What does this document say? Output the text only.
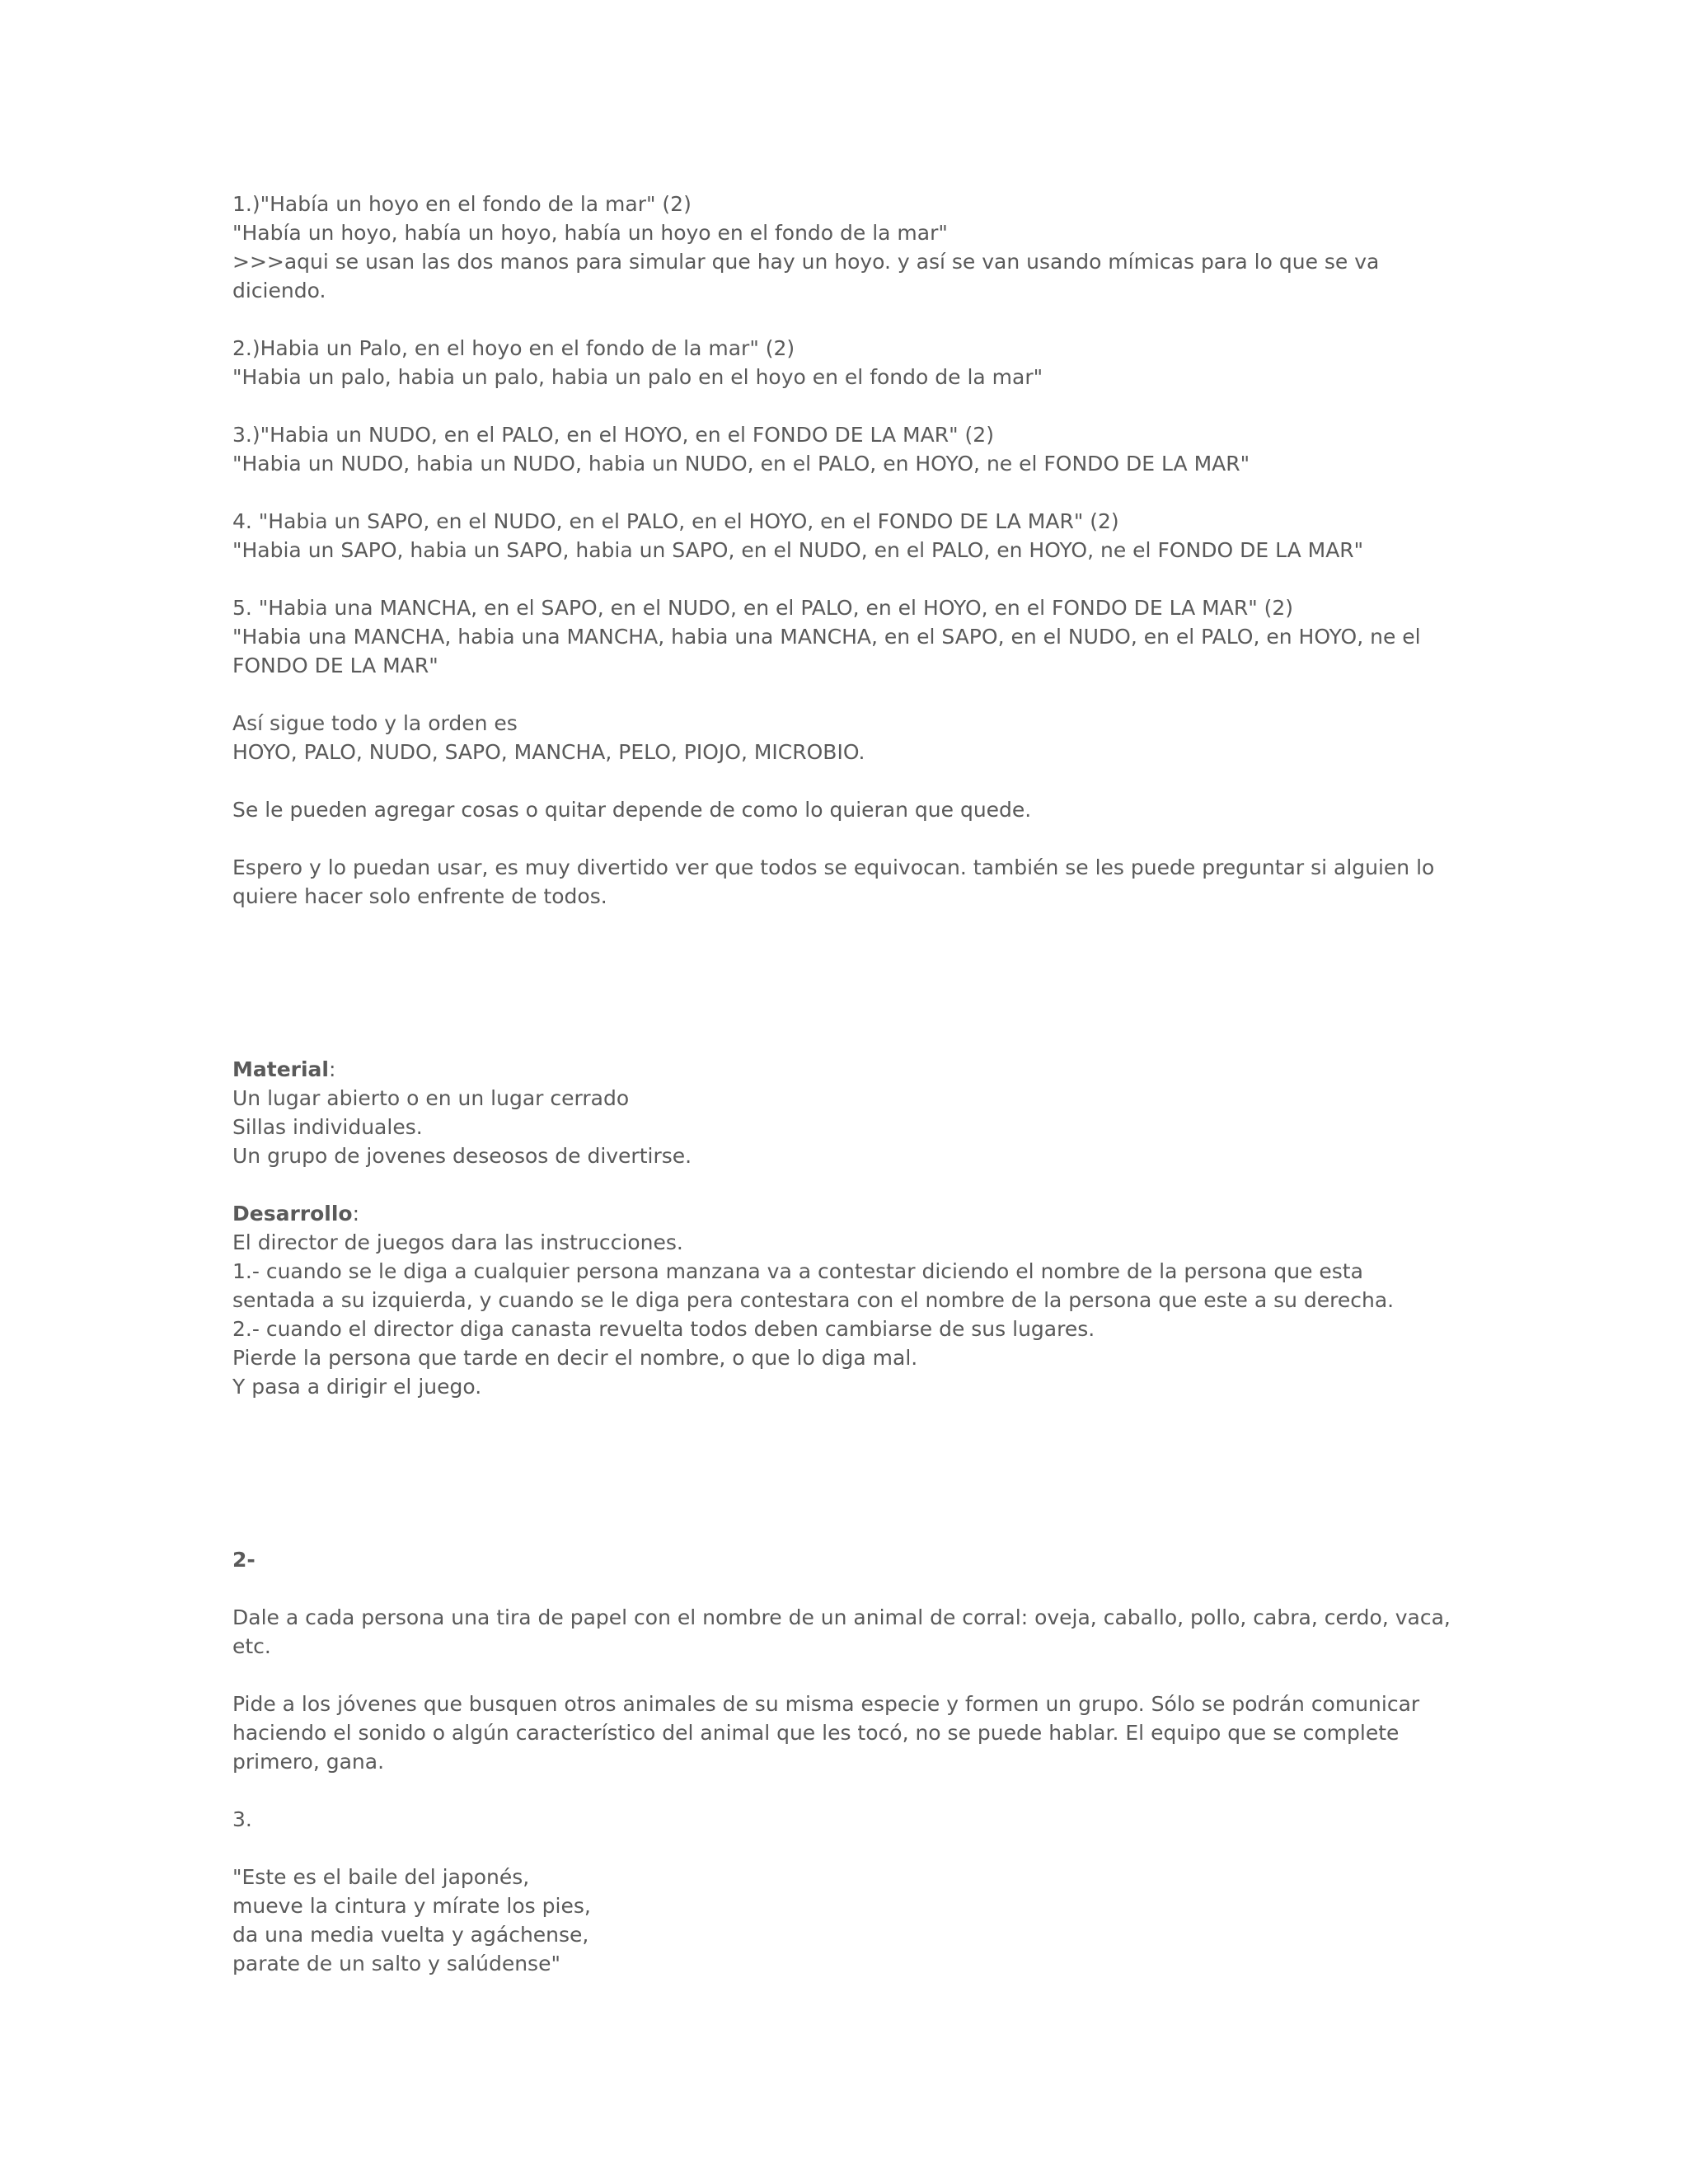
1.)"Había un hoyo en el fondo de la mar" (2)
"Había un hoyo, había un hoyo, había un hoyo en el fondo de la mar"
>>>aqui se usan las dos manos para simular que hay un hoyo. y así se van usando mímicas para lo que se va diciendo.
2.)Habia un Palo, en el hoyo en el fondo de la mar" (2)
"Habia un palo, habia un palo, habia un palo en el hoyo en el fondo de la mar"
3.)"Habia un NUDO, en el PALO, en el HOYO, en el FONDO DE LA MAR" (2)
"Habia un NUDO, habia un NUDO, habia un NUDO, en el PALO, en HOYO, ne el FONDO DE LA MAR"
4. "Habia un SAPO, en el NUDO, en el PALO, en el HOYO, en el FONDO DE LA MAR" (2)
"Habia un SAPO, habia un SAPO, habia un SAPO, en el NUDO, en el PALO, en HOYO, ne el FONDO DE LA MAR"
5. "Habia una MANCHA, en el SAPO, en el NUDO, en el PALO, en el HOYO, en el FONDO DE LA MAR" (2)
"Habia una MANCHA, habia una MANCHA, habia una MANCHA, en el SAPO, en el NUDO, en el PALO, en HOYO, ne el FONDO DE LA MAR"
Así sigue todo y la orden es
HOYO, PALO, NUDO, SAPO, MANCHA, PELO, PIOJO, MICROBIO.
Se le pueden agregar cosas o quitar depende de como lo quieran que quede.
Espero y lo puedan usar, es muy divertido ver que todos se equivocan. también se les puede preguntar si alguien lo quiere hacer solo enfrente de todos.
Material:
Un lugar abierto o en un lugar cerrado
Sillas individuales.
Un grupo de jovenes deseosos de divertirse.
Desarrollo:
El director de juegos dara las instrucciones.
1.- cuando se le diga a cualquier persona manzana va a contestar diciendo el nombre de la persona que esta sentada a su izquierda, y cuando se le diga pera contestara con el nombre de la persona que este a su derecha.
2.- cuando el director diga canasta revuelta todos deben cambiarse de sus lugares.
Pierde la persona que tarde en decir el nombre, o que lo diga mal.
Y pasa a dirigir el juego.
2-
Dale a cada persona una tira de papel con el nombre de un animal de corral: oveja, caballo, pollo, cabra, cerdo, vaca, etc.
Pide a los jóvenes que busquen otros animales de su misma especie y formen un grupo. Sólo se podrán comunicar haciendo el sonido o algún característico del animal que les tocó, no se puede hablar. El equipo que se complete primero, gana.
3.
"Este es el baile del japonés,
mueve la cintura y mírate los pies,
da una media vuelta y agáchense,
parate de un salto y salúdense"
